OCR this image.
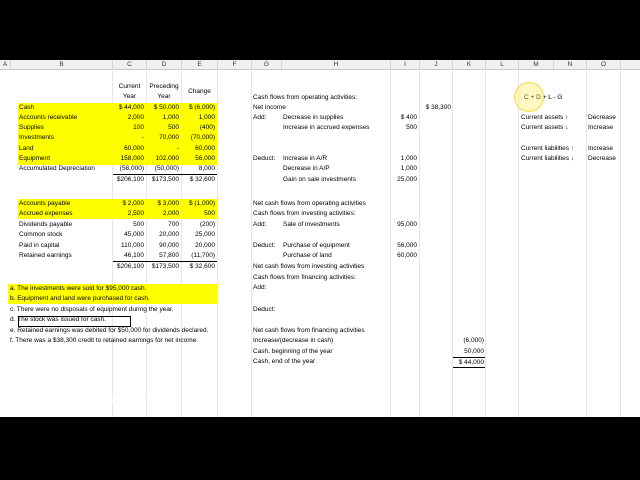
A	B	C	D	E	F	G	H	I	J	K	L	M	N	O
Current
Year
Preceding
Year
Change
Cash	$ 44,000	$ 50,000	$ (6,000)
Accounts receivable	2,000	1,000	1,000
Supplies	100	500	(400)
Investments	-	70,000	(70,000)
Land	60,000	-	60,000
Equipment	158,000	102,000	56,000
Accumulated Depreciation	(58,000)	(50,000)	8,000
$206,100	$173,500	$ 32,600
Accounts payable	$ 2,000	$ 3,000	$ (1,000)
Accrued expenses	2,500	2,000	500
Dividends payable	500	700	(200)
Common stock	45,000	20,000	25,000
Paid in capital	110,000	90,000	20,000
Retained earnings	46,100	57,800	(11,700)
$206,100	$173,500	$ 32,600
a. The investments were sold for $95,000 cash.
b. Equipment and land were purchased for cash.
c. There were no disposals of equipment during the year.
d. The stock was issued for cash.
e. Retained earnings was debited for $50,000 for dividends declared.
f. There was a $38,300 credit to retained earnings for net income.
Cash flows from operating activities:
Net income	$ 38,300
Add:	Decrease in supplies	$ 400
Increase in accrued expenses	500
Deduct: Increase in A/R	1,000
Decrease in A/P	1,000
Gain on sale investments	25,000
Net cash flows from operating activities
Cash flows from investing activities:
Add:	Sale of investments	95,000
Deduct: Purchase of equipment	56,000
Purchase of land	60,000
Net cash flows from investing activities
Cash flows from financing activities:
Add:
Deduct:
Net cash flows from financing activities
Increase/(decrease in cash)	(6,000)
Cash, beginning of the year	50,000
Cash, end of the year	$ 44,000
C + D + L - G
Current assets ↑	Decrease
Current assets ↓	Increase
Current liabilities ↑ Increase
Current liabilities ↓ Decrease
RECORDED WITH
SCREENCAST ● MATIC
